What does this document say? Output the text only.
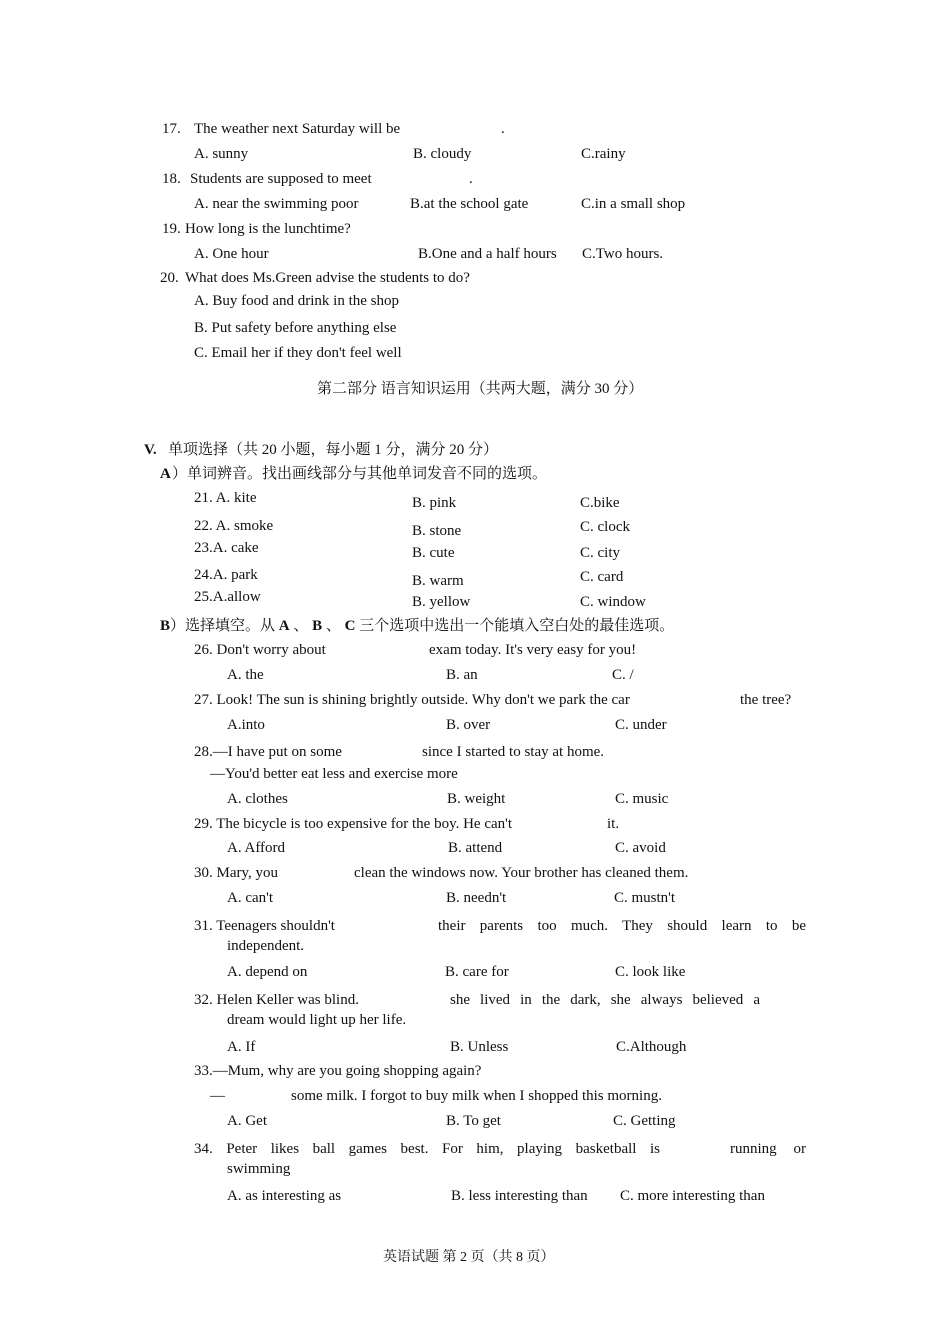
17. The weather next Saturday will be	.
A. sunny	B. cloudy	C.rainy
18. Students are supposed to meet	.
A. near the swimming poor	B.at the school gate	C.in a small shop
19. How long is the lunchtime?
A. One hour	B.One and a half hours C.Two hours.
20. What does Ms.Green advise the students to do?
A. Buy food and drink in the shop
B. Put safety before anything else
C. Email her if they don't feel well
第二部分 语言知识运用（共两大题，满分 30 分）
V. 单项选择（共 20 小题，每小题 1 分，满分 20 分）
A ）单词辨音。找出画线部分与其他单词发音不同的选项。
21. A. kite	B. pink	C.bike
22. A. smoke	B. stone	C. clock
23.A. cake	B. cute	C. city
24.A. park	B. warm	C. card
25.A.allow	B. yellow	C. window
B）选择填空。从 A 、 B 、 C 三个选项中选出一个能填入空白处的最佳选项。
26. Don't worry about	exam today. It's very easy for you!
A. the	B. an	C. /
27. Look! The sun is shining brightly outside. Why don't we park the car	the tree?
A.into	B. over	C. under
28.—I have put on some	since I started to stay at home.
—You'd better eat less and exercise more
A. clothes	B. weight	C. music
29. The bicycle is too expensive for the boy. He can't	it.
A. Afford	B. attend	C. avoid
30. Mary, you	clean the windows now. Your brother has cleaned them.
A. can't	B. needn't	C. mustn't
31. Teenagers shouldn't	their parents too much. They should learn to be
independent.
A. depend on	B. care for	C. look like
32. Helen Keller was blind.	she lived in the dark, she always believed a
dream would light up her life.
A. If	B. Unless	C.Although
33.—Mum, why are you going shopping again?
—	some milk. I forgot to buy milk when I shopped this morning.
A. Get	B. To get	C. Getting
34. Peter likes ball games best. For him, playing basketball is	running or
swimming
A. as interesting as	B. less interesting than C. more interesting than
英语试题 第 2 页（共 8 页）
